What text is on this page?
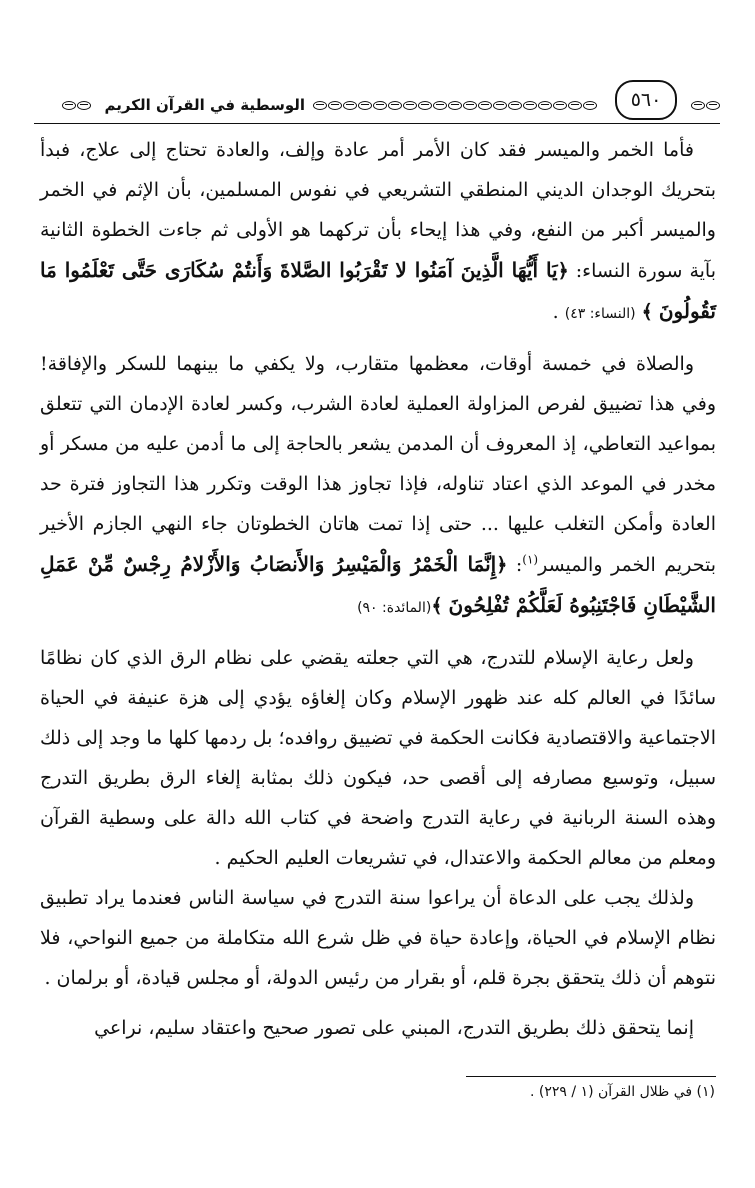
٥٦٠
الوسطية في القرآن الكريم

فأما الخمر والميسر فقد كان الأمر أمر عادة وإلف، والعادة تحتاج إلى علاج، فبدأ بتحريك الوجدان الديني المنطقي التشريعي في نفوس المسلمين، بأن الإثم في الخمر والميسر أكبر من النفع، وفي هذا إيحاء بأن تركهما هو الأولى ثم جاءت الخطوة الثانية بآية سورة النساء: ﴿يَا أَيُّهَا الَّذِينَ آمَنُوا لا تَقْرَبُوا الصَّلاةَ وَأَنتُمْ سُكَارَى حَتَّى تَعْلَمُوا مَا تَقُولُونَ ﴾ (النساء: ٤٣) .

والصلاة في خمسة أوقات، معظمها متقارب، ولا يكفي ما بينهما للسكر والإفاقة! وفي هذا تضييق لفرص المزاولة العملية لعادة الشرب، وكسر لعادة الإدمان التي تتعلق بمواعيد التعاطي، إذ المعروف أن المدمن يشعر بالحاجة إلى ما أدمن عليه من مسكر أو مخدر في الموعد الذي اعتاد تناوله، فإذا تجاوز هذا الوقت وتكرر هذا التجاوز فترة حد العادة وأمكن التغلب عليها ... حتى إذا تمت هاتان الخطوتان جاء النهي الجازم الأخير بتحريم الخمر والميسر$^{(١)}$: ﴿إِنَّمَا الْخَمْرُ وَالْمَيْسِرُ وَالأَنصَابُ وَالأَزْلامُ رِجْسٌ مِّنْ عَمَلِ الشَّيْطَانِ فَاجْتَنِبُوهُ لَعَلَّكُمْ تُفْلِحُونَ ﴾(المائدة: ٩٠)

ولعل رعاية الإسلام للتدرج، هي التي جعلته يقضي على نظام الرق الذي كان نظامًا سائدًا في العالم كله عند ظهور الإسلام وكان إلغاؤه يؤدي إلى هزة عنيفة في الحياة الاجتماعية والاقتصادية فكانت الحكمة في تضييق روافده؛ بل ردمها كلها ما وجد إلى ذلك سبيل، وتوسيع مصارفه إلى أقصى حد، فيكون ذلك بمثابة إلغاء الرق بطريق التدرج وهذه السنة الربانية في رعاية التدرج واضحة في كتاب الله دالة على وسطية القرآن ومعلم من معالم الحكمة والاعتدال، في تشريعات العليم الحكيم .

ولذلك يجب على الدعاة أن يراعوا سنة التدرج في سياسة الناس فعندما يراد تطبيق نظام الإسلام في الحياة، وإعادة حياة في ظل شرع الله متكاملة من جميع النواحي، فلا نتوهم أن ذلك يتحقق بجرة قلم، أو بقرار من رئيس الدولة، أو مجلس قيادة، أو برلمان .

إنما يتحقق ذلك بطريق التدرج، المبني على تصور صحيح واعتقاد سليم، نراعي

(١) في ظلال القرآن (١ / ٢٢٩) .
